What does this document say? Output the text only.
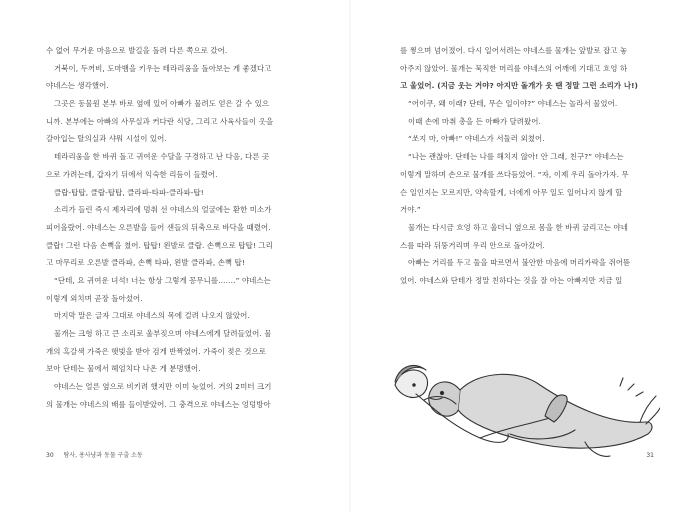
수 없어 무거운 마음으로 발길을 돌려 다른 쪽으로 갔어.
거북이, 두꺼비, 도마뱀을 키우는 테라리움을 돌아보는 게 좋겠다고
야네스는 생각했어.
그곳은 동물원 본부 바로 옆에 있어 아빠가 물려도 얻은 갈 수 있으
니까. 본부에는 아빠의 사무실과 커다란 식당, 그리고 사육사들이 옷을
갈아입는 탈의실과 샤워 시설이 있어.
테라리움을 한 바퀴 돌고 귀여운 수달을 구경하고 난 다음, 다른 곳
으로 가려는데, 갑자기 뒤에서 익숙한 리듬이 들렸어.
클랍-탑탑, 클랍-탑탑, 클라파-타파-클라파-탑!
소리가 들린 즉시 제자리에 멈춰 선 야네스의 얼굴에는 환한 미소가
피어올랐어. 야네스는 오른발을 들어 샌들의 뒤축으로 바닥을 때렸어.
클랍! 그런 다음 손뼉을 쳤어. 탑탑! 왼발로 클랍. 손뼉으로 탑탑! 그리
고 마무리로 오른발 클라파, 손뼉 타파, 왼발 클라파, 손뼉 탑!
“단테, 요 귀여운 녀석! 너는 항상 그렇게 꽁무니를…….” 야네스는
이렇게 외치며 곧장 돌아섰어.
마지막 말은 글자 그대로 야네스의 목에 걸려 나오지 않았어.
물개는 크헝 하고 큰 소리로 울부짖으며 야네스에게 달려들었어. 물
개의 흑갈색 가죽은 햇빛을 받아 검게 반짝였어. 가죽이 젖은 것으로
보아 단테는 물에서 헤엄치다 나온 게 분명했어.
야네스는 얼른 옆으로 비키려 했지만 이미 늦었어. 거의 2미터 크기
의 물개는 야네스의 배를 들이받았어. 그 충격으로 야네스는 엉덩방아
30 탐사, 용사냥과 동물 구출 소동
를 찧으며 넘어졌어. 다시 일어서려는 야네스를 물개는 앞발로 잡고 놓
아주지 않았어. 물개는 묵직한 머리를 야네스의 어깨에 기대고 흐엉 하
고 울었어. (지금 웃는 거야? 아지만 돌개가 웃 땐 정말 그런 소리가 나!)
“어이쿠, 왜 이래? 단테, 무슨 일이야?” 야네스는 놀라서 물었어.
이때 손에 마취 총을 든 아빠가 달려왔어.
“쏘지 마, 아빠!” 야네스가 서둘러 외쳤어.
“나는 괜찮아. 단테는 나를 해치지 않아! 안 그래, 친구?” 야네스는
이렇게 말하며 손으로 물개를 쓰다듬었어. “자, 이제 우리 돌아가자. 무
슨 일인지는 모르지만, 약속할게, 너에게 아무 일도 일어나지 않게 할
거야.”
물개는 다시금 흐엉 하고 울더니 옆으로 몸을 한 바퀴 굴리고는 야네
스를 따라 뒤뚱거리며 우리 안으로 돌아갔어.
아빠는 거리를 두고 둘을 따르면서 불안한 마음에 머리카락을 쥐어뜯
었어. 야네스와 단테가 정말 친하다는 것을 잘 아는 아빠지만 지금 일
31
